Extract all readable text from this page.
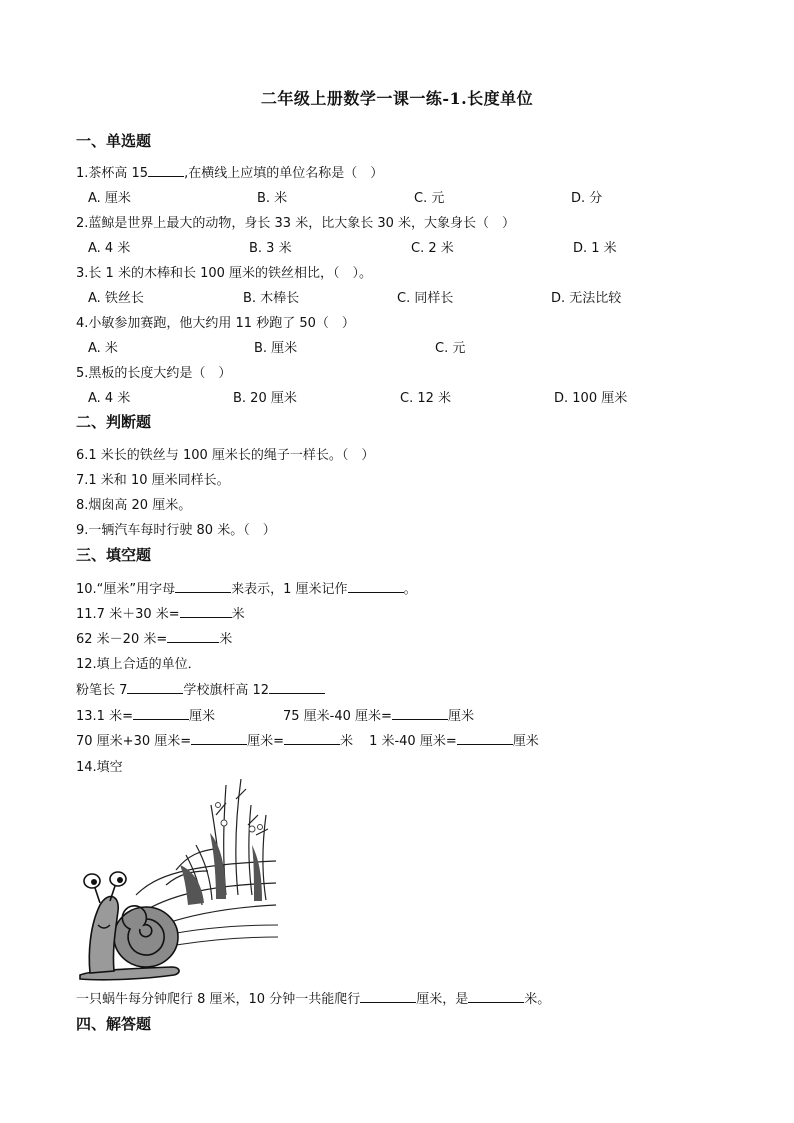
二年级上册数学一课一练-1.长度单位
一、单选题
1.茶杯高 15	,在横线上应填的单位名称是（　）
A. 厘米	B. 米	C. 元	D. 分
2.蓝鲸是世界上最大的动物，身长 33 米，比大象长 30 米，大象身长（　）
A. 4 米	B. 3 米	C. 2 米	D. 1 米
3.长 1 米的木棒和长 100 厘米的铁丝相比，（　）。
A. 铁丝长	B. 木棒长	C. 同样长	D. 无法比较
4.小敏参加赛跑，他大约用 11 秒跑了 50（　）
A. 米	B. 厘米	C. 元
5.黑板的长度大约是（　）
A. 4 米	B. 20 厘米	C. 12 米	D. 100 厘米
二、判断题
6.1 米长的铁丝与 100 厘米长的绳子一样长。（　）
7.1 米和 10 厘米同样长。
8.烟囱高 20 厘米。
9.一辆汽车每时行驶 80 米。（　）
三、填空题
10.“厘米”用字母	来表示，1 厘米记作	。
11.7 米＋30 米=	米
62 米－20 米=	米
12.填上合适的单位．
粉笔长 7	学校旗杆高 12
13.1 米=	厘米	75 厘米-40 厘米=	厘米
70 厘米+30 厘米=	厘米=	米 1 米-40 厘米=	厘米
14.填空
一只蜗牛每分钟爬行 8 厘米，10 分钟一共能爬行	厘米，是	米。
四、解答题
